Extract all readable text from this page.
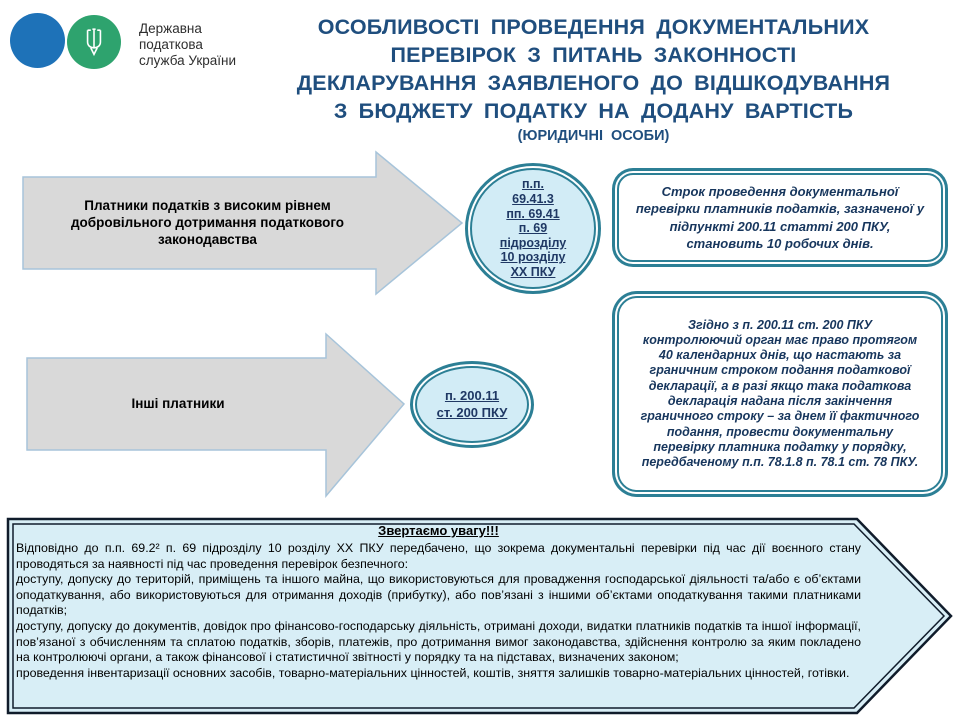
Державна
податкова
служба України
ОСОБЛИВОСТІ ПРОВЕДЕННЯ ДОКУМЕНТАЛЬНИХ
ПЕРЕВІРОК З ПИТАНЬ ЗАКОННОСТІ
ДЕКЛАРУВАННЯ ЗАЯВЛЕНОГО ДО ВІДШКОДУВАННЯ
З БЮДЖЕТУ ПОДАТКУ НА ДОДАНУ ВАРТІСТЬ
(ЮРИДИЧНІ ОСОБИ)
Платники податків з високим рівнем добровільного дотримання податкового законодавства
п.п.
69.41.3
пп. 69.41
п. 69
підрозділу
10 розділу
ХХ ПКУ
Строк проведення документальної перевірки платників податків, зазначеної у підпункті 200.11 статті 200 ПКУ, становить 10 робочих днів.
Згідно з п. 200.11 ст. 200 ПКУ контролюючий орган має право протягом 40 календарних днів, що настають за граничним строком подання податкової декларації, а в разі якщо така податкова декларація надана після закінчення граничного строку – за днем її фактичного подання, провести документальну перевірку платника податку у порядку, передбаченому п.п. 78.1.8 п. 78.1 ст. 78 ПКУ.
Інші платники	п. 200.11
ст. 200 ПКУ
Звертаємо увагу!!!

Відповідно до п.п. 69.2² п. 69 підрозділу 10 розділу ХХ ПКУ передбачено, що зокрема документальні перевірки під час дії воєнного стану проводяться за наявності під час проведення перевірок безпечного:

доступу, допуску до територій, приміщень та іншого майна, що використовуються для провадження господарської діяльності та/або є об’єктами оподаткування, або використовуються для отримання доходів (прибутку), або пов’язані з іншими об’єктами оподаткування такими платниками податків;

доступу, допуску до документів, довідок про фінансово-господарську діяльність, отримані доходи, видатки платників податків та іншої інформації, пов’язаної з обчисленням та сплатою податків, зборів, платежів, про дотримання вимог законодавства, здійснення контролю за яким покладено на контролюючі органи, а також фінансової і статистичної звітності у порядку та на підставах, визначених законом;

проведення інвентаризації основних засобів, товарно-матеріальних цінностей, коштів, зняття залишків товарно-матеріальних цінностей, готівки.
